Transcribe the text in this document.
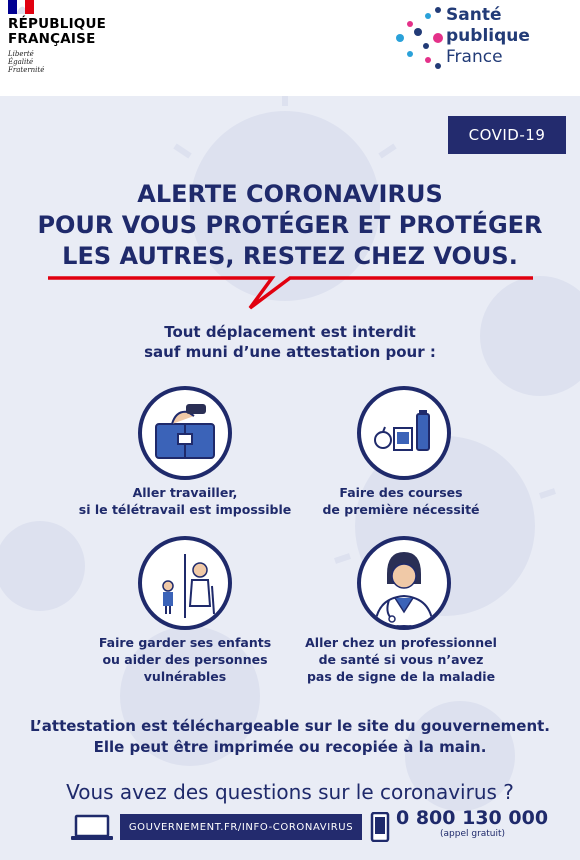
RÉPUBLIQUE
FRANÇAISE
Liberté
Égalité
Fraternité
Santé
publique
France
COVID-19
ALERTE CORONAVIRUS
POUR VOUS PROTÉGER ET PROTÉGER
LES AUTRES, RESTEZ CHEZ VOUS.
Tout déplacement est interdit
sauf muni d’une attestation pour :
Aller travailler,
si le télétravail est impossible
Faire des courses
de première nécessité
Faire garder ses enfants
ou aider des personnes
vulnérables
Aller chez un professionnel
de santé si vous n’avez
pas de signe de la maladie
L’attestation est téléchargeable sur le site du gouvernement.
Elle peut être imprimée ou recopiée à la main.
Vous avez des questions sur le coronavirus ?
GOUVERNEMENT.FR/INFO-CORONAVIRUS	0 800 130 000
(appel gratuit)
